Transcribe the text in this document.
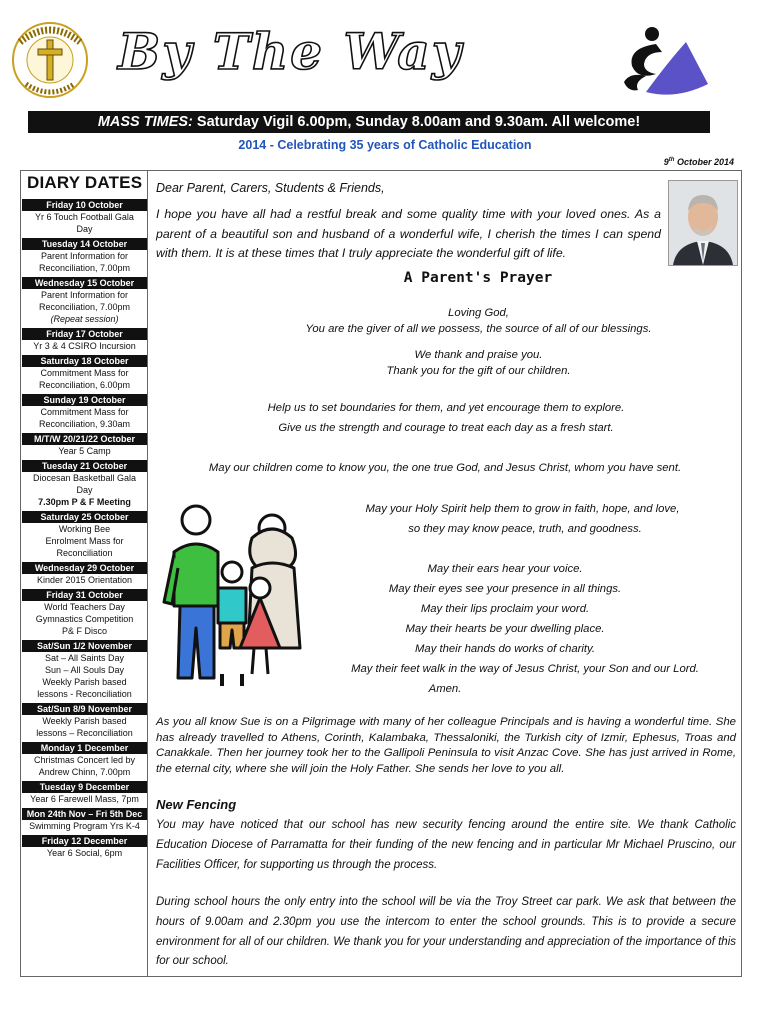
By The Way
MASS TIMES: Saturday Vigil 6.00pm, Sunday 8.00am and 9.30am. All welcome!
2014 - Celebrating 35 years of Catholic Education
9th October 2014
DIARY DATES
Friday 10 October
Yr 6 Touch Football Gala
Day
Tuesday 14 October
Parent Information for
Reconciliation, 7.00pm
Wednesday 15 October
Parent Information for
Reconciliation, 7.00pm
(Repeat session)
Friday 17 October
Yr 3 & 4 CSIRO Incursion
Saturday 18 October
Commitment Mass for
Reconciliation, 6.00pm
Sunday 19 October
Commitment Mass for
Reconciliation, 9.30am
M/T/W 20/21/22 October
Year 5 Camp
Tuesday 21 October
Diocesan Basketball Gala
Day
7.30pm P & F Meeting
Saturday 25 October
Working Bee
Enrolment Mass for
Reconciliation
Wednesday 29 October
Kinder 2015 Orientation
Friday 31 October
World Teachers Day
Gymnastics Competition
P& F Disco
Sat/Sun 1/2 November
Sat – All Saints Day
Sun – All Souls Day
Weekly Parish based
lessons - Reconciliation
Sat/Sun 8/9 November
Weekly Parish based
lessons – Reconciliation
Monday 1 December
Christmas Concert led by
Andrew Chinn, 7.00pm
Tuesday 9 December
Year 6 Farewell Mass, 7pm
Mon 24th Nov – Fri 5th Dec
Swimming Program Yrs K-4
Friday 12 December
Year 6 Social, 6pm
Dear Parent, Carers, Students & Friends,
I hope you have all had a restful break and some quality time with your loved ones. As a parent of a beautiful son and husband of a wonderful wife, I cherish the times I can spend with them. It is at these times that I truly appreciate the wonderful gift of life.
A Parent's Prayer
As you all know Sue is on a Pilgrimage with many of her colleague Principals and is having a wonderful time. She has already travelled to Athens, Corinth, Kalambaka, Thessaloniki, the Turkish city of Izmir, Ephesus, Troas and Canakkale. Then her journey took her to the Gallipoli Peninsula to visit Anzac Cove. She has just arrived in Rome, the eternal city, where she will join the Holy Father. She sends her love to you all.
New Fencing
You may have noticed that our school has new security fencing around the entire site. We thank Catholic Education Diocese of Parramatta for their funding of the new fencing and in particular Mr Michael Pruscino, our Facilities Officer, for supporting us through the process.
During school hours the only entry into the school will be via the Troy Street car park. We ask that between the hours of 9.00am and 2.30pm you use the intercom to enter the school grounds. This is to provide a secure environment for all of our children. We thank you for your understanding and appreciation of the importance of this for our school.
Loving God,
You are the giver of all we possess, the source of all of our blessings.
We thank and praise you.
Thank you for the gift of our children.
Help us to set boundaries for them, and yet encourage them to explore.
Give us the strength and courage to treat each day as a fresh start.
May our children come to know you, the one true God, and Jesus Christ, whom you have sent.
May your Holy Spirit help them to grow in faith, hope, and love,
so they may know peace, truth, and goodness.
May their ears hear your voice.
May their eyes see your presence in all things.
May their lips proclaim your word.
May their hearts be your dwelling place.
May their hands do works of charity.
May their feet walk in the way of Jesus Christ, your Son and our Lord.
Amen.
